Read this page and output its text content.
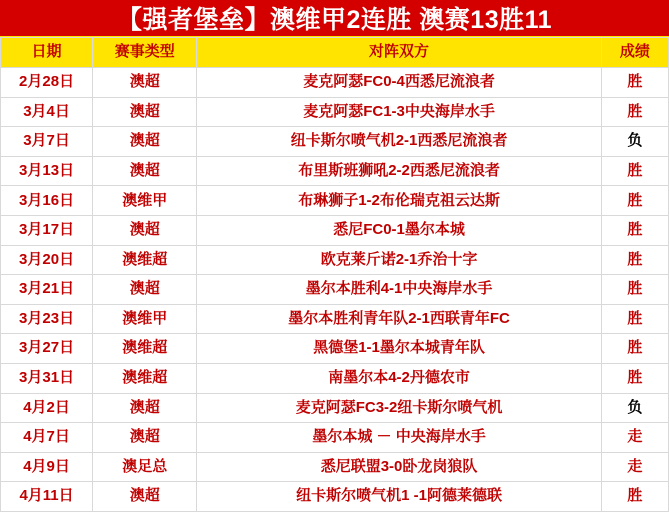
【强者堡垒】澳维甲2连胜 澳赛13胜11
日期	赛事类型	对阵双方	成绩
2月28日	澳超	麦克阿瑟FC0-4西悉尼流浪者	胜
3月4日	澳超	麦克阿瑟FC1-3中央海岸水手	胜
3月7日	澳超	纽卡斯尔喷气机2-1西悉尼流浪者	负
3月13日	澳超	布里斯班狮吼2-2西悉尼流浪者	胜
3月16日	澳维甲	布琳狮子1-2布伦瑞克祖云达斯	胜
3月17日	澳超	悉尼FC0-1墨尔本城	胜
3月20日	澳维超	欧克莱斤诺2-1乔治十字	胜
3月21日	澳超	墨尔本胜利4-1中央海岸水手	胜
3月23日	澳维甲	墨尔本胜利青年队2-1西联青年FC	胜
3月27日	澳维超	黑德堡1-1墨尔本城青年队	胜
3月31日	澳维超	南墨尔本4-2丹德农市	胜
4月2日	澳超	麦克阿瑟FC3-2纽卡斯尔喷气机	负
4月7日	澳超	墨尔本城 － 中央海岸水手	走
4月9日	澳足总	悉尼联盟3-0卧龙岗狼队	走
4月11日	澳超	纽卡斯尔喷气机1 -1阿德莱德联	胜
